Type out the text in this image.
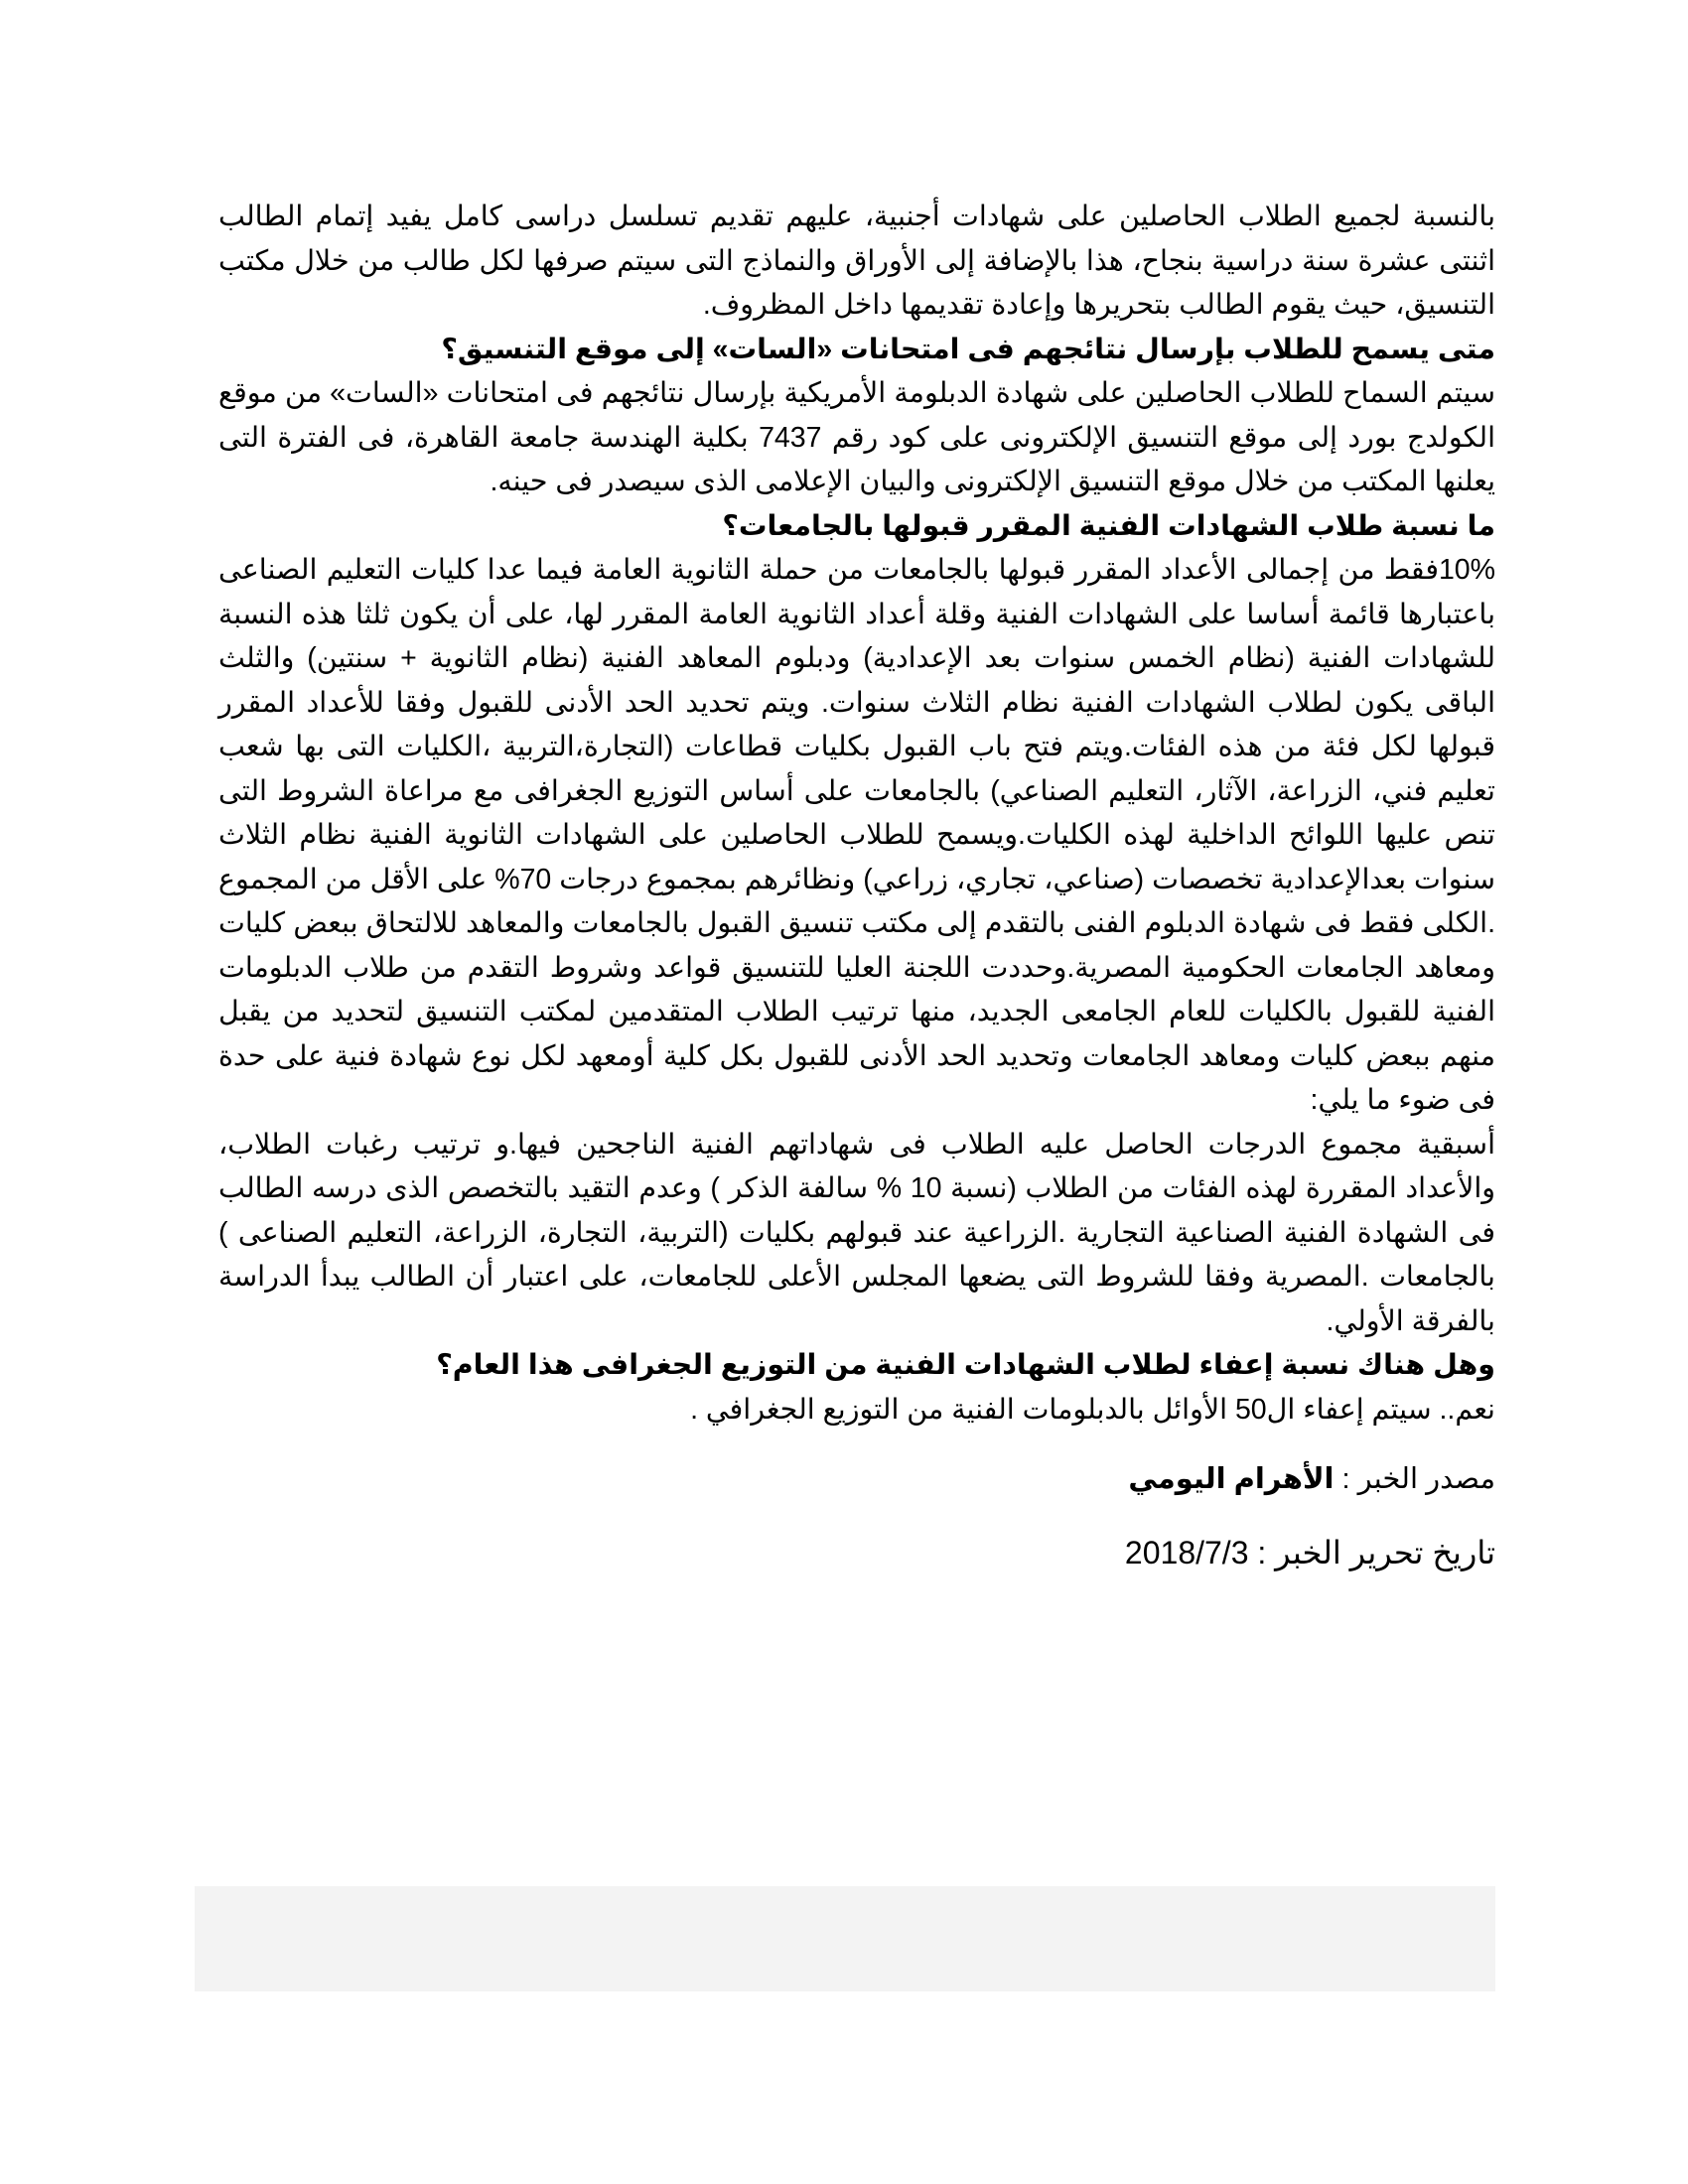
بالنسبة لجميع الطلاب الحاصلين على شهادات أجنبية، عليهم تقديم تسلسل دراسى كامل يفيد إتمام الطالب اثنتى عشرة سنة دراسية بنجاح، هذا بالإضافة إلى الأوراق والنماذج التى سيتم صرفها لكل طالب من خلال مكتب التنسيق، حيث يقوم الطالب بتحريرها وإعادة تقديمها داخل المظروف.

متى يسمح للطلاب بإرسال نتائجهم فى امتحانات «السات» إلى موقع التنسيق؟

سيتم السماح للطلاب الحاصلين على شهادة الدبلومة الأمريكية بإرسال نتائجهم فى امتحانات «السات» من موقع الكولدج بورد إلى موقع التنسيق الإلكترونى على كود رقم 7437 بكلية الهندسة جامعة القاهرة، فى الفترة التى يعلنها المكتب من خلال موقع التنسيق الإلكترونى والبيان الإعلامى الذى سيصدر فى حينه.

ما نسبة طلاب الشهادات الفنية المقرر قبولها بالجامعات؟

10%فقط من إجمالى الأعداد المقرر قبولها بالجامعات من حملة الثانوية العامة فيما عدا كليات التعليم الصناعى باعتبارها قائمة أساسا على الشهادات الفنية وقلة أعداد الثانوية العامة المقرر لها، على أن يكون ثلثا هذه النسبة للشهادات الفنية (نظام الخمس سنوات بعد الإعدادية) ودبلوم المعاهد الفنية (نظام الثانوية + سنتين) والثلث الباقى يكون لطلاب الشهادات الفنية نظام الثلاث سنوات. ويتم تحديد الحد الأدنى للقبول وفقا للأعداد المقرر قبولها لكل فئة من هذه الفئات.ويتم فتح باب القبول بكليات قطاعات (التجارة،التربية ،الكليات التى بها شعب تعليم فني، الزراعة، الآثار، التعليم الصناعي) بالجامعات على أساس التوزيع الجغرافى مع مراعاة الشروط التى تنص عليها اللوائح الداخلية لهذه الكليات.ويسمح للطلاب الحاصلين على الشهادات الثانوية الفنية نظام الثلاث سنوات بعدالإعدادية تخصصات (صناعي، تجاري، زراعي) ونظائرهم بمجموع درجات 70% على الأقل من المجموع .الكلى فقط فى شهادة الدبلوم الفنى بالتقدم إلى مكتب تنسيق القبول بالجامعات والمعاهد للالتحاق ببعض كليات ومعاهد الجامعات الحكومية المصرية.وحددت اللجنة العليا للتنسيق قواعد وشروط التقدم من طلاب الدبلومات الفنية للقبول بالكليات للعام الجامعى الجديد، منها ترتيب الطلاب المتقدمين لمكتب التنسيق لتحديد من يقبل منهم ببعض كليات ومعاهد الجامعات وتحديد الحد الأدنى للقبول بكل كلية أومعهد لكل نوع شهادة فنية على حدة فى ضوء ما يلي:

أسبقية مجموع الدرجات الحاصل عليه الطلاب فى شهاداتهم الفنية الناجحين فيها.و ترتيب رغبات الطلاب، والأعداد المقررة لهذه الفئات من الطلاب (نسبة 10 % سالفة الذكر ) وعدم التقيد بالتخصص الذى درسه الطالب فى الشهادة الفنية الصناعية التجارية .الزراعية عند قبولهم بكليات (التربية، التجارة، الزراعة، التعليم الصناعى ) بالجامعات .المصرية وفقا للشروط التى يضعها المجلس الأعلى للجامعات، على اعتبار أن الطالب يبدأ الدراسة بالفرقة الأولي.

وهل هناك نسبة إعفاء لطلاب الشهادات الفنية من التوزيع الجغرافى هذا العام؟

نعم.. سيتم إعفاء ال50 الأوائل بالدبلومات الفنية من التوزيع الجغرافي .

مصدر الخبر : الأهرام اليومي

تاريخ تحرير الخبر : 2018/7/3
